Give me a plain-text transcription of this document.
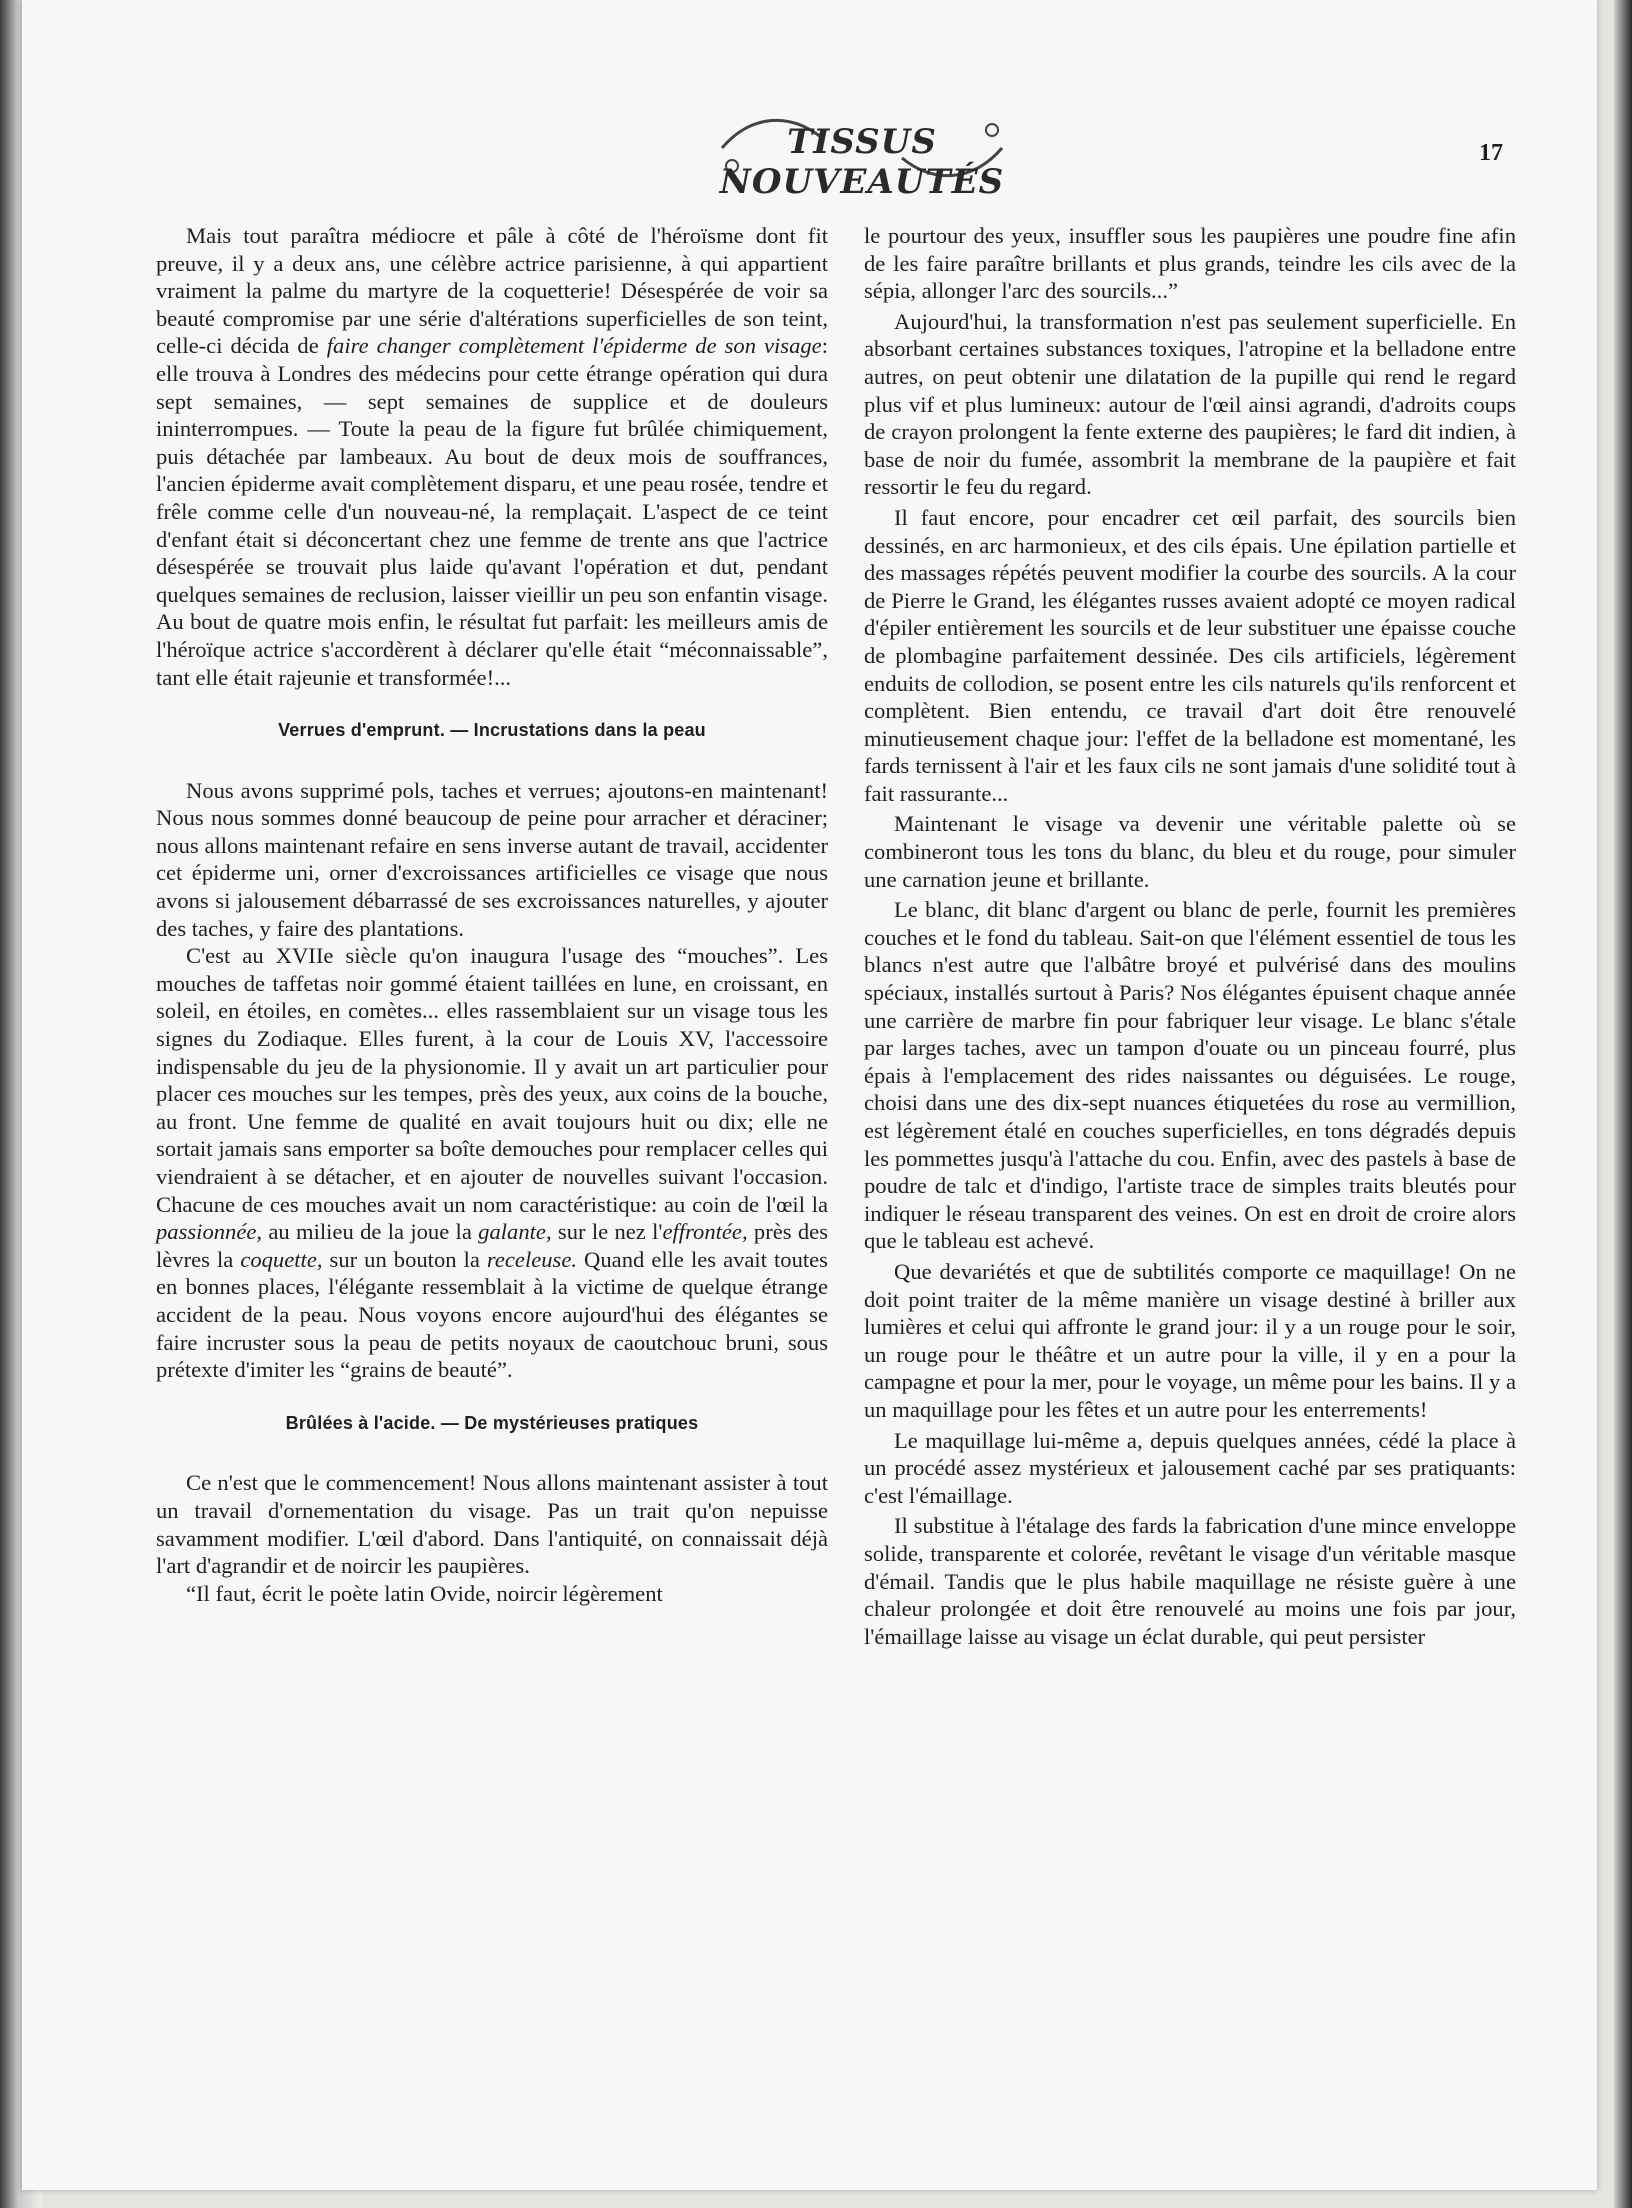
TISSUS NOUVEAUTÉS
17

Mais tout paraîtra médiocre et pâle à côté de l'héroïsme dont fit preuve, il y a deux ans, une célèbre actrice parisienne, à qui appartient vraiment la palme du martyre de la coquetterie! Désespérée de voir sa beauté compromise par une série d'altérations superficielles de son teint, celle-ci décida de faire changer complètement l'épiderme de son visage: elle trouva à Londres des médecins pour cette étrange opération qui dura sept semaines, — sept semaines de supplice et de douleurs ininterrompues. — Toute la peau de la figure fut brûlée chimiquement, puis détachée par lambeaux. Au bout de deux mois de souffrances, l'ancien épiderme avait complètement disparu, et une peau rosée, tendre et frêle comme celle d'un nouveau-né, la remplaçait. L'aspect de ce teint d'enfant était si déconcertant chez une femme de trente ans que l'actrice désespérée se trouvait plus laide qu'avant l'opération et dut, pendant quelques semaines de reclusion, laisser vieillir un peu son enfantin visage. Au bout de quatre mois enfin, le résultat fut parfait: les meilleurs amis de l'héroïque actrice s'accordèrent à déclarer qu'elle était “méconnaissable”, tant elle était rajeunie et transformée!...

Verrues d'emprunt. — Incrustations dans la peau

Nous avons supprimé pols, taches et verrues; ajoutons-en maintenant! Nous nous sommes donné beaucoup de peine pour arracher et déraciner; nous allons maintenant refaire en sens inverse autant de travail, accidenter cet épiderme uni, orner d'excroissances artificielles ce visage que nous avons si jalousement débarrassé de ses excroissances naturelles, y ajouter des taches, y faire des plantations.

C'est au XVIIe siècle qu'on inaugura l'usage des “mouches”. Les mouches de taffetas noir gommé étaient taillées en lune, en croissant, en soleil, en étoiles, en comètes... elles rassemblaient sur un visage tous les signes du Zodiaque. Elles furent, à la cour de Louis XV, l'accessoire indispensable du jeu de la physionomie. Il y avait un art particulier pour placer ces mouches sur les tempes, près des yeux, aux coins de la bouche, au front. Une femme de qualité en avait toujours huit ou dix; elle ne sortait jamais sans emporter sa boîte demouches pour remplacer celles qui viendraient à se détacher, et en ajouter de nouvelles suivant l'occasion. Chacune de ces mouches avait un nom caractéristique: au coin de l'œil la passionnée, au milieu de la joue la galante, sur le nez l'effrontée, près des lèvres la coquette, sur un bouton la receleuse. Quand elle les avait toutes en bonnes places, l'élégante ressemblait à la victime de quelque étrange accident de la peau. Nous voyons encore aujourd'hui des élégantes se faire incruster sous la peau de petits noyaux de caoutchouc bruni, sous prétexte d'imiter les “grains de beauté”.

Brûlées à l'acide. — De mystérieuses pratiques

Ce n'est que le commencement! Nous allons maintenant assister à tout un travail d'ornementation du visage. Pas un trait qu'on nepuisse savamment modifier. L'œil d'abord. Dans l'antiquité, on connaissait déjà l'art d'agrandir et de noircir les paupières.

“Il faut, écrit le poète latin Ovide, noircir légèrement

le pourtour des yeux, insuffler sous les paupières une poudre fine afin de les faire paraître brillants et plus grands, teindre les cils avec de la sépia, allonger l'arc des sourcils...”

Aujourd'hui, la transformation n'est pas seulement superficielle. En absorbant certaines substances toxiques, l'atropine et la belladone entre autres, on peut obtenir une dilatation de la pupille qui rend le regard plus vif et plus lumineux: autour de l'œil ainsi agrandi, d'adroits coups de crayon prolongent la fente externe des paupières; le fard dit indien, à base de noir du fumée, assombrit la membrane de la paupière et fait ressortir le feu du regard.

Il faut encore, pour encadrer cet œil parfait, des sourcils bien dessinés, en arc harmonieux, et des cils épais. Une épilation partielle et des massages répétés peuvent modifier la courbe des sourcils. A la cour de Pierre le Grand, les élégantes russes avaient adopté ce moyen radical d'épiler entièrement les sourcils et de leur substituer une épaisse couche de plombagine parfaitement dessinée. Des cils artificiels, légèrement enduits de collodion, se posent entre les cils naturels qu'ils renforcent et complètent. Bien entendu, ce travail d'art doit être renouvelé minutieusement chaque jour: l'effet de la belladone est momentané, les fards ternissent à l'air et les faux cils ne sont jamais d'une solidité tout à fait rassurante...

Maintenant le visage va devenir une véritable palette où se combineront tous les tons du blanc, du bleu et du rouge, pour simuler une carnation jeune et brillante.

Le blanc, dit blanc d'argent ou blanc de perle, fournit les premières couches et le fond du tableau. Sait-on que l'élément essentiel de tous les blancs n'est autre que l'albâtre broyé et pulvérisé dans des moulins spéciaux, installés surtout à Paris? Nos élégantes épuisent chaque année une carrière de marbre fin pour fabriquer leur visage. Le blanc s'étale par larges taches, avec un tampon d'ouate ou un pinceau fourré, plus épais à l'emplacement des rides naissantes ou déguisées. Le rouge, choisi dans une des dix-sept nuances étiquetées du rose au vermillion, est légèrement étalé en couches superficielles, en tons dégradés depuis les pommettes jusqu'à l'attache du cou. Enfin, avec des pastels à base de poudre de talc et d'indigo, l'artiste trace de simples traits bleutés pour indiquer le réseau transparent des veines. On est en droit de croire alors que le tableau est achevé.

Que devariétés et que de subtilités comporte ce maquillage! On ne doit point traiter de la même manière un visage destiné à briller aux lumières et celui qui affronte le grand jour: il y a un rouge pour le soir, un rouge pour le théâtre et un autre pour la ville, il y en a pour la campagne et pour la mer, pour le voyage, un même pour les bains. Il y a un maquillage pour les fêtes et un autre pour les enterrements!

Le maquillage lui-même a, depuis quelques années, cédé la place à un procédé assez mystérieux et jalousement caché par ses pratiquants: c'est l'émaillage.

Il substitue à l'étalage des fards la fabrication d'une mince enveloppe solide, transparente et colorée, revêtant le visage d'un véritable masque d'émail. Tandis que le plus habile maquillage ne résiste guère à une chaleur prolongée et doit être renouvelé au moins une fois par jour, l'émaillage laisse au visage un éclat durable, qui peut persister
